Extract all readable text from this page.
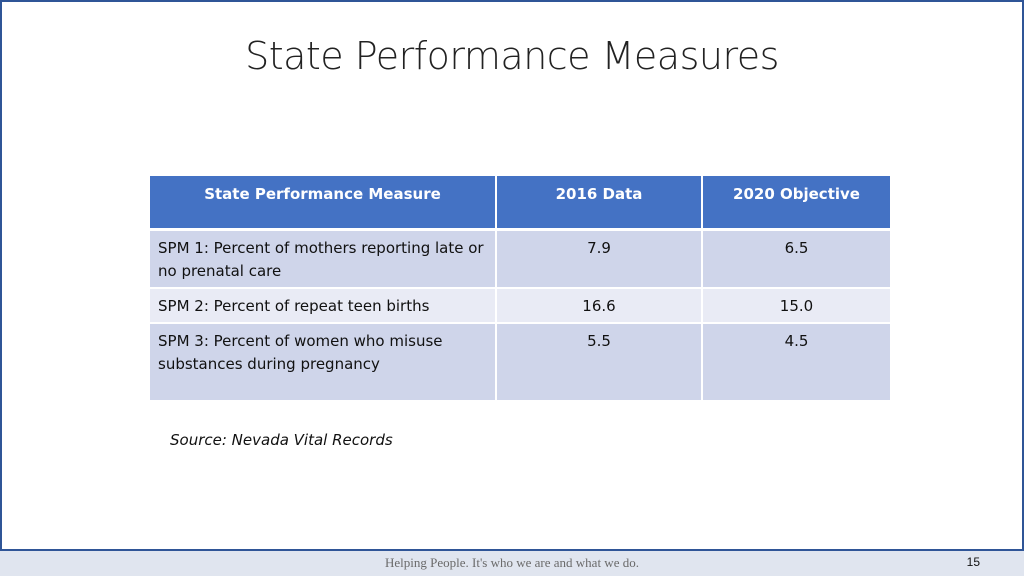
State Performance Measures
State Performance Measure	2016 Data	2020 Objective
SPM 1: Percent of mothers reporting late or no prenatal care	7.9	6.5
SPM 2: Percent of repeat teen births	16.6	15.0
SPM 3: Percent of women who misuse substances during pregnancy	5.5	4.5
Source: Nevada Vital Records
Helping People. It's who we are and what we do.	15
